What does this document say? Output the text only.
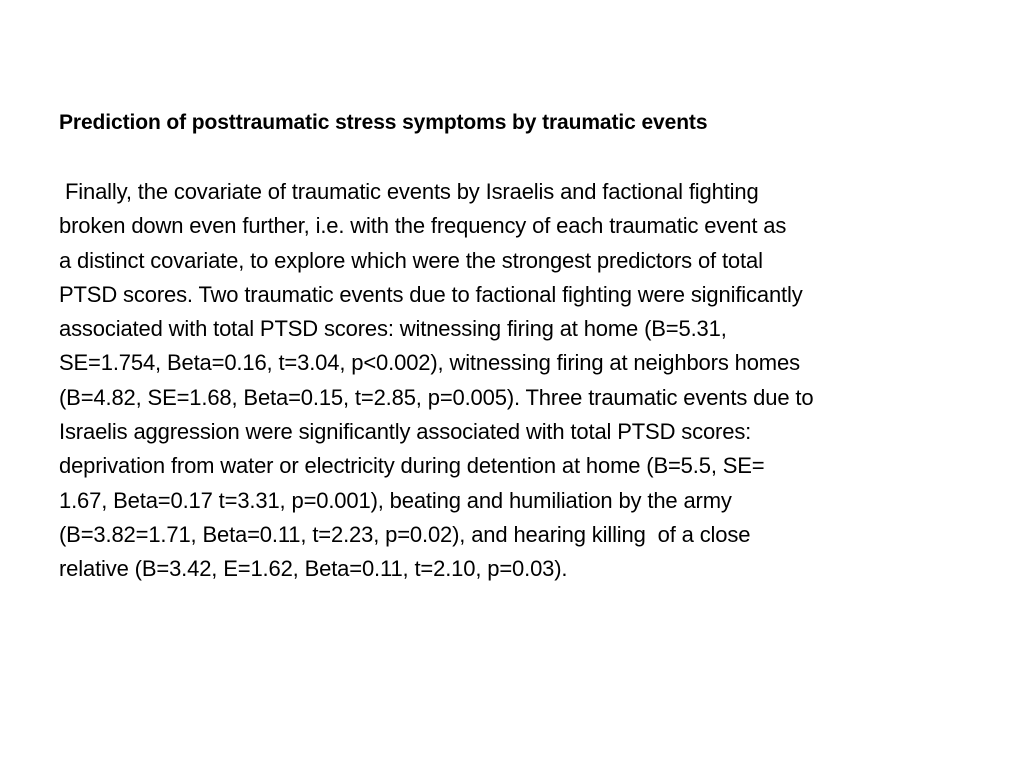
Prediction of posttraumatic stress symptoms by traumatic events
Finally, the covariate of traumatic events by Israelis and factional fighting
broken down even further, i.e. with the frequency of each traumatic event as
a distinct covariate, to explore which were the strongest predictors of total
PTSD scores. Two traumatic events due to factional fighting were significantly
associated with total PTSD scores: witnessing firing at home (B=5.31,
SE=1.754, Beta=0.16, t=3.04, p<0.002), witnessing firing at neighbors homes
(B=4.82, SE=1.68, Beta=0.15, t=2.85, p=0.005). Three traumatic events due to
Israelis aggression were significantly associated with total PTSD scores:
deprivation from water or electricity during detention at home (B=5.5, SE=
1.67, Beta=0.17 t=3.31, p=0.001), beating and humiliation by the army
(B=3.82=1.71, Beta=0.11, t=2.23, p=0.02), and hearing killing  of a close
relative (B=3.42, E=1.62, Beta=0.11, t=2.10, p=0.03).
